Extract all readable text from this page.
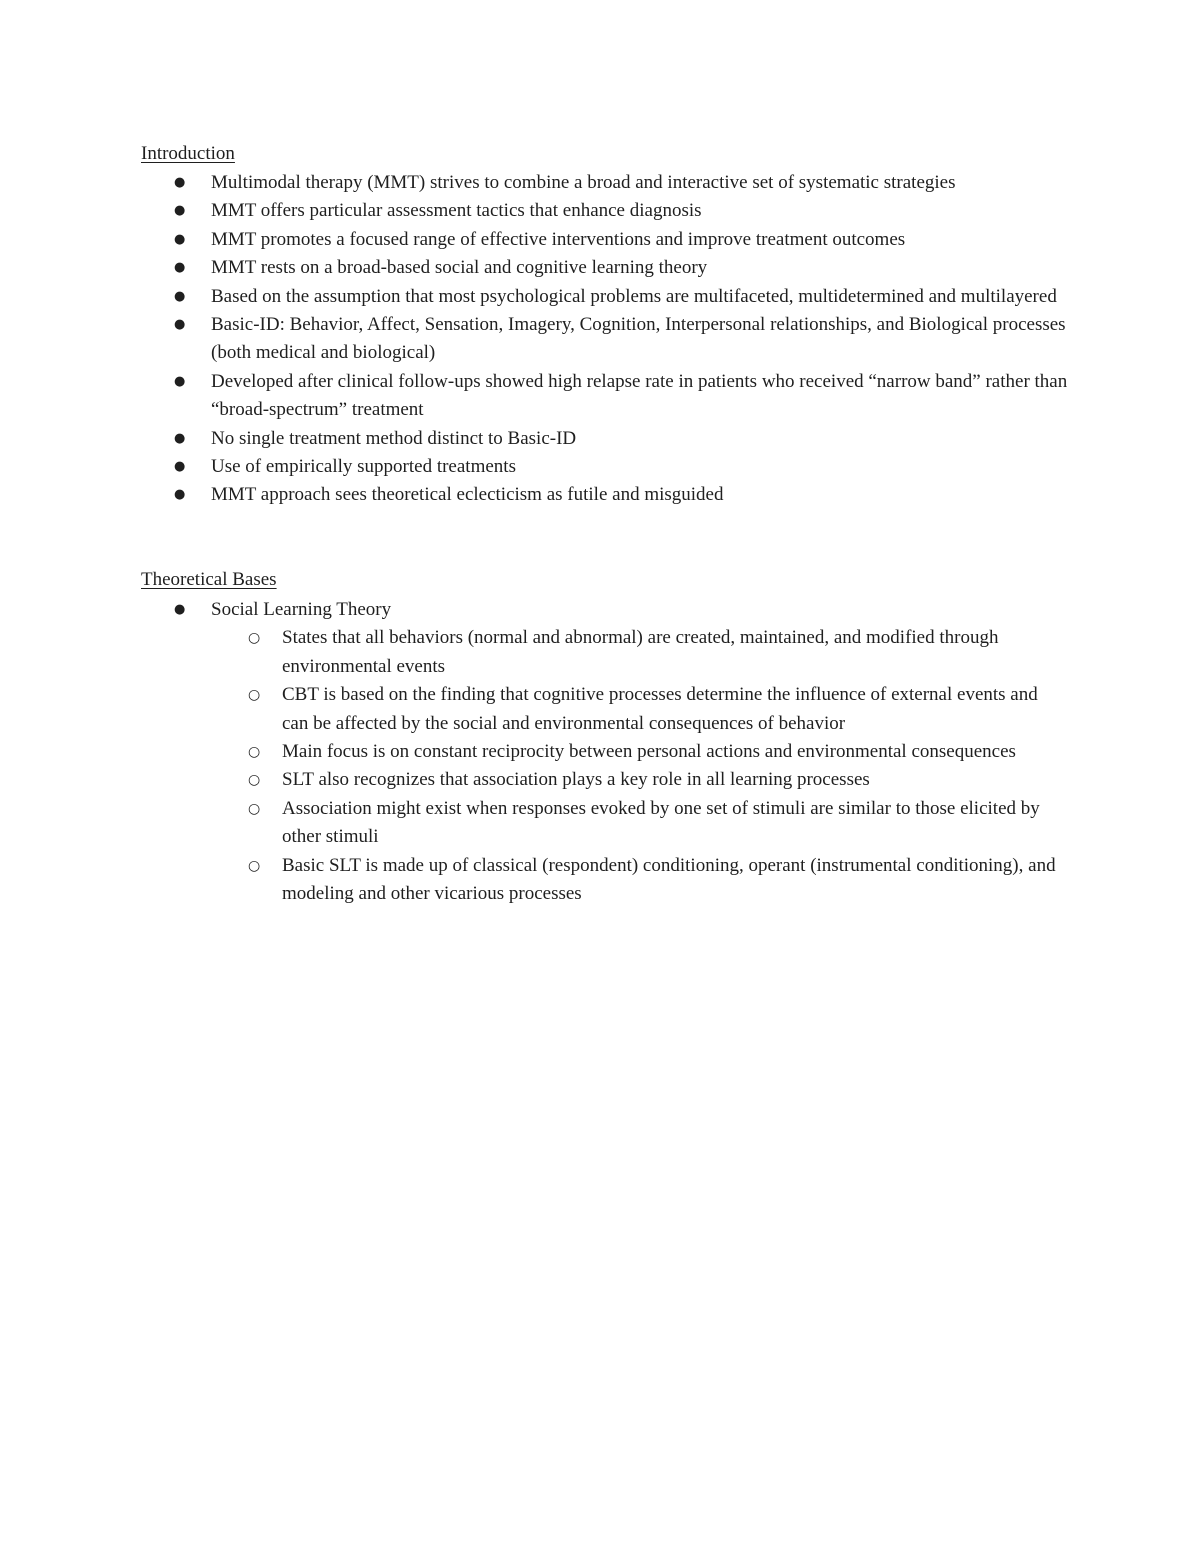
Introduction
● Multimodal therapy (MMT) strives to combine a broad and interactive set of systematic strategies
● MMT offers particular assessment tactics that enhance diagnosis
● MMT promotes a focused range of effective interventions and improve treatment outcomes
● MMT rests on a broad-based social and cognitive learning theory
● Based on the assumption that most psychological problems are multifaceted, multidetermined and multilayered
● Basic-ID: Behavior, Affect, Sensation, Imagery, Cognition, Interpersonal relationships, and Biological processes (both medical and biological)
● Developed after clinical follow-ups showed high relapse rate in patients who received “narrow band” rather than “broad-spectrum” treatment
● No single treatment method distinct to Basic-ID
● Use of empirically supported treatments
● MMT approach sees theoretical eclecticism as futile and misguided
Theoretical Bases
● Social Learning Theory
○ States that all behaviors (normal and abnormal) are created, maintained, and modified through environmental events
○ CBT is based on the finding that cognitive processes determine the influence of external events and can be affected by the social and environmental consequences of behavior
○ Main focus is on constant reciprocity between personal actions and environmental consequences
○ SLT also recognizes that association plays a key role in all learning processes
○ Association might exist when responses evoked by one set of stimuli are similar to those elicited by other stimuli
○ Basic SLT is made up of classical (respondent) conditioning, operant (instrumental conditioning), and modeling and other vicarious processes
